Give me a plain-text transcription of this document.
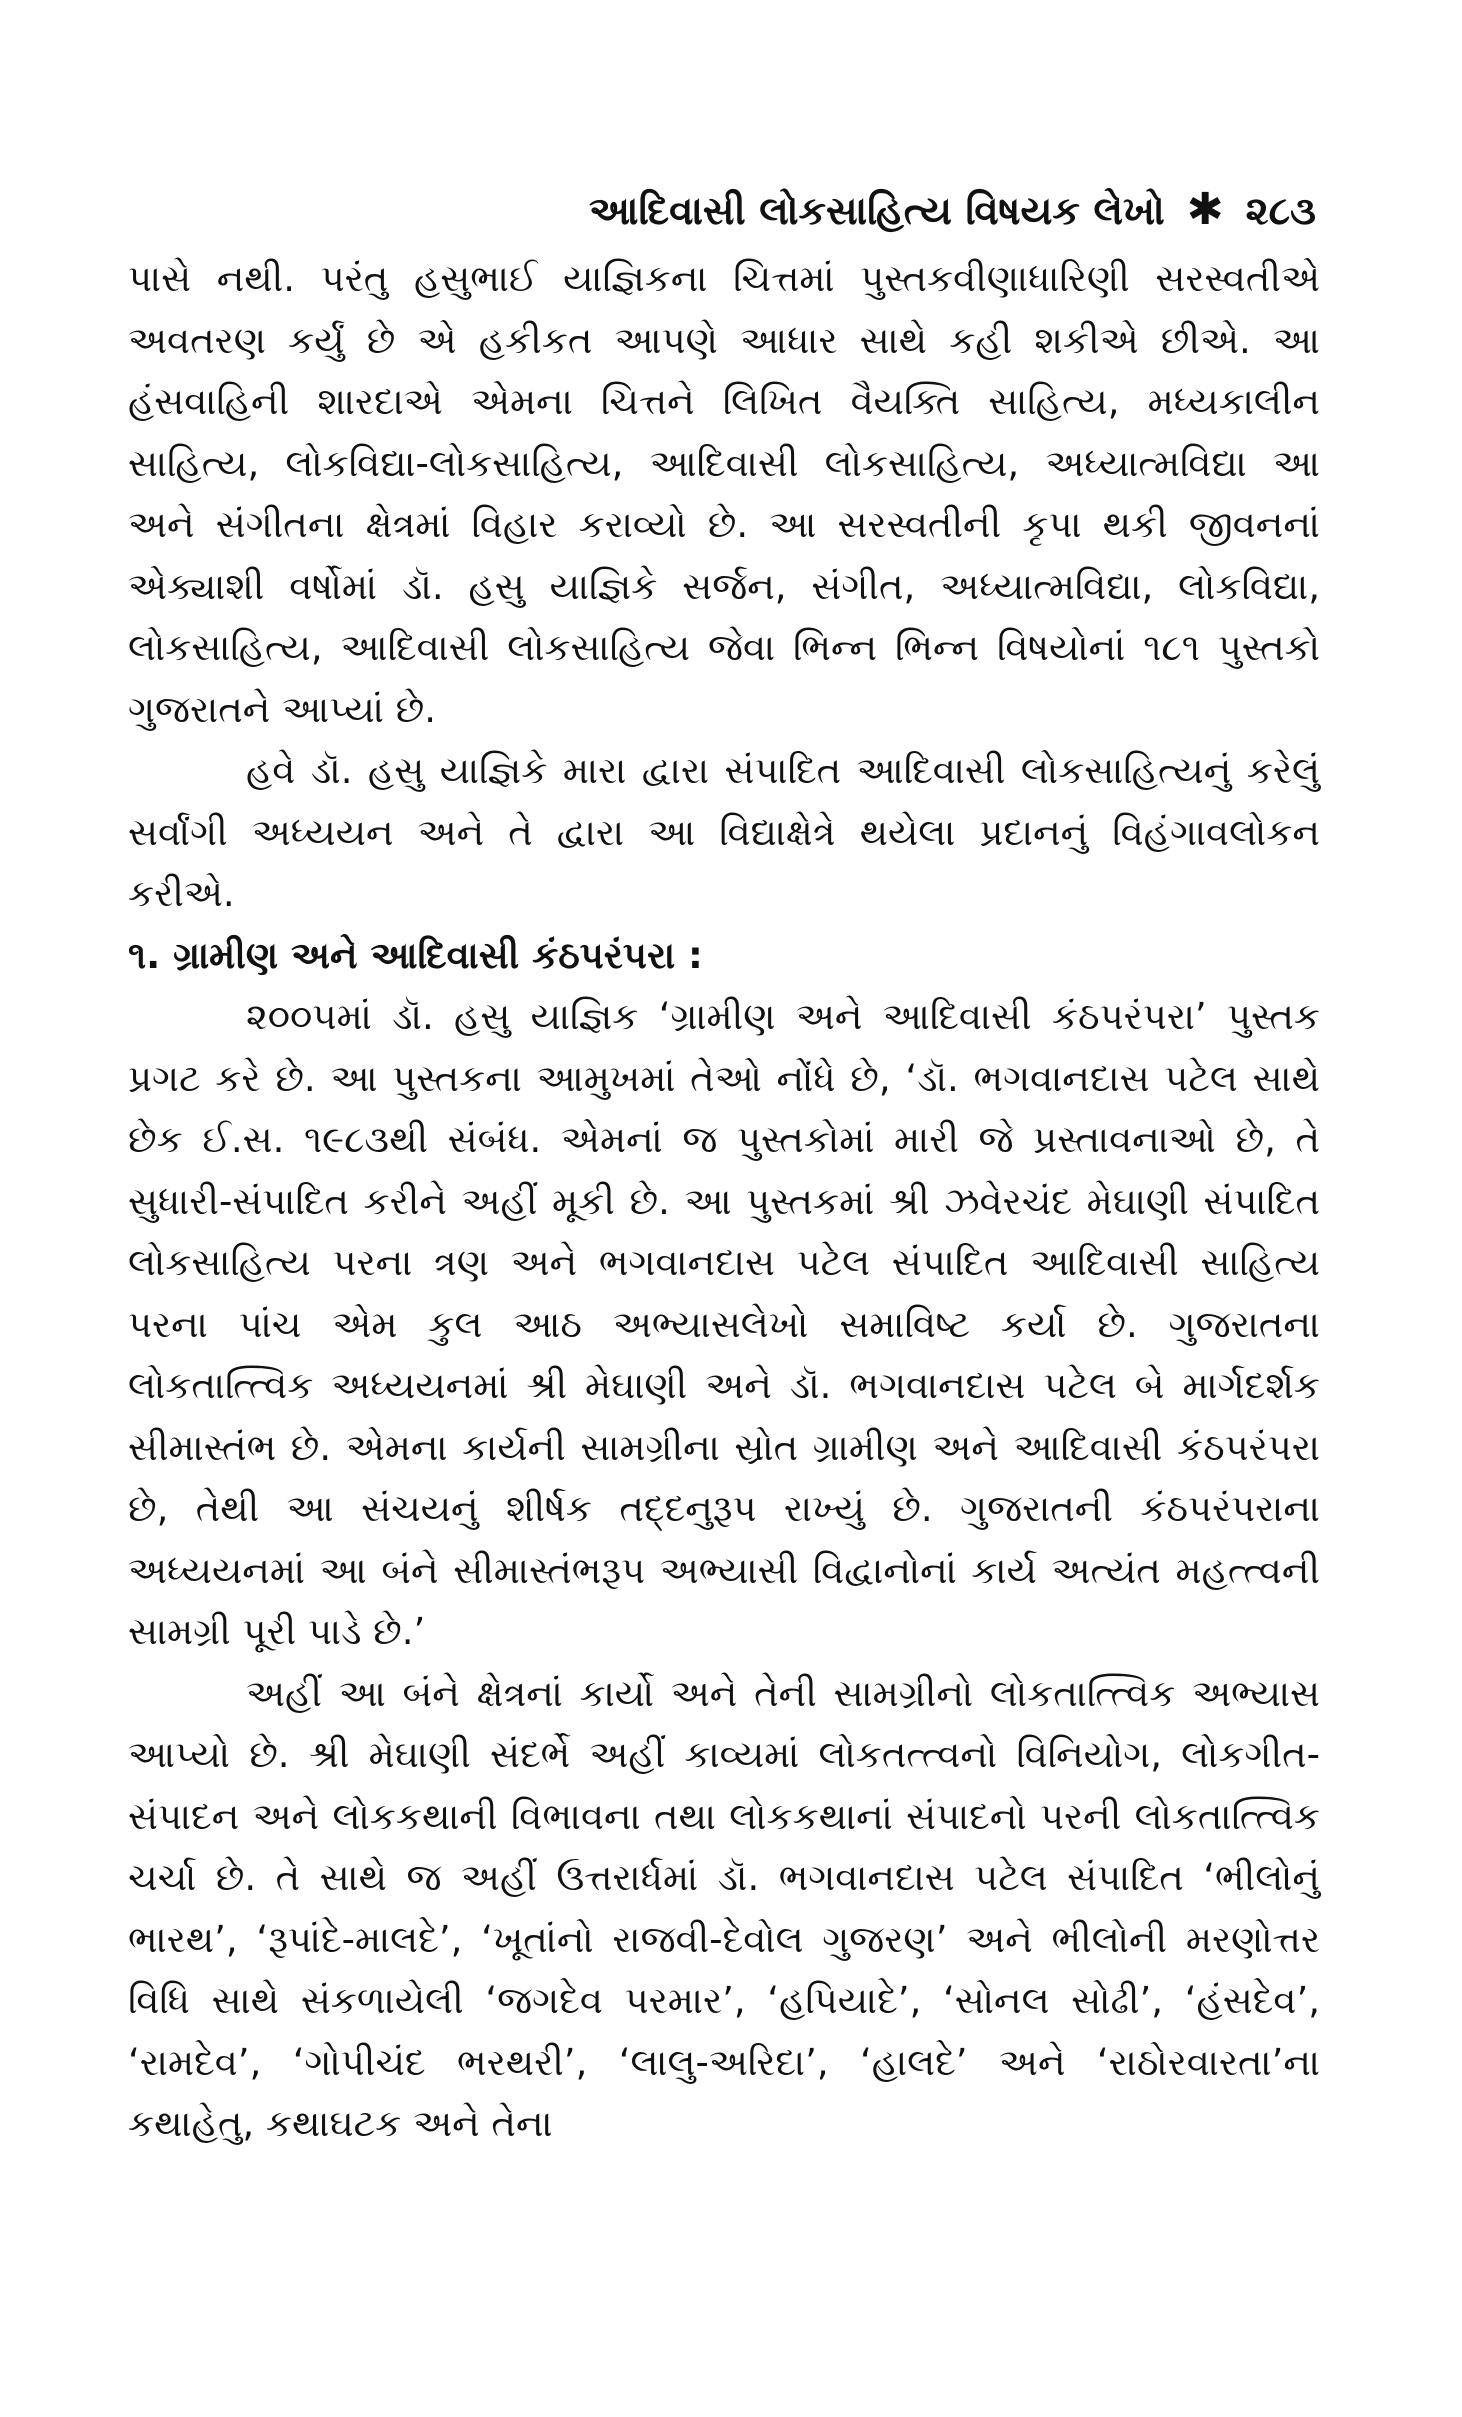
આદિવાસી લોકસાહિત્ય વિષયક લેખો ✱ ૨૮૩

પાસે નથી. પરંતુ હસુભાઈ યાજ્ઞિકના ચિત્તમાં પુસ્તકવીણાધારિણી સરસ્વતીએ અવતરણ કર્યું છે એ હકીકત આપણે આધાર સાથે કહી શકીએ છીએ. આ હંસવાહિની શારદાએ એમના ચિત્તને લિખિત વૈયક્તિ સાહિત્ય, મધ્યકાલીન સાહિત્ય, લોકવિદ્યા-લોકસાહિત્ય, આદિવાસી લોકસાહિત્ય, અધ્યાત્મવિદ્યા આ અને સંગીતના ક્ષેત્રમાં વિહાર કરાવ્યો છે. આ સરસ્વતીની કૃપા થકી જીવનનાં એક્યાશી વર્ષોમાં ડૉ. હસુ યાજ્ઞિકે સર્જન, સંગીત, અધ્યાત્મવિદ્યા, લોકવિદ્યા, લોકસાહિત્ય, આદિવાસી લોકસાહિત્ય જેવા ભિન્ન ભિન્ન વિષયોનાં ૧૮૧ પુસ્તકો ગુજરાતને આપ્યાં છે.

હવે ડૉ. હસુ યાજ્ઞિકે મારા દ્વારા સંપાદિત આદિવાસી લોકસાહિત્યનું કરેલું સર્વાંગી અધ્યયન અને તે દ્વારા આ વિદ્યાક્ષેત્રે થયેલા પ્રદાનનું વિહંગાવલોકન કરીએ.

૧. ગ્રામીણ અને આદિવાસી કંઠપરંપરા :

૨૦૦૫માં ડૉ. હસુ યાજ્ઞિક ‘ગ્રામીણ અને આદિવાસી કંઠપરંપરા’ પુસ્તક પ્રગટ કરે છે. આ પુસ્તકના આમુખમાં તેઓ નોંધે છે, ‘ડૉ. ભગવાનદાસ પટેલ સાથે છેક ઈ.સ. ૧૯૮૩થી સંબંધ. એમનાં જ પુસ્તકોમાં મારી જે પ્રસ્તાવનાઓ છે, તે સુધારી-સંપાદિત કરીને અહીં મૂકી છે. આ પુસ્તકમાં શ્રી ઝવેરચંદ મેઘાણી સંપાદિત લોકસાહિત્ય પરના ત્રણ અને ભગવાનદાસ પટેલ સંપાદિત આદિવાસી સાહિત્ય પરના પાંચ એમ કુલ આઠ અભ્યાસલેખો સમાવિષ્ટ કર્યા છે. ગુજરાતના લોકતાત્ત્વિક અધ્યયનમાં શ્રી મેઘાણી અને ડૉ. ભગવાનદાસ પટેલ બે માર્ગદર્શક સીમાસ્તંભ છે. એમના કાર્યની સામગ્રીના સ્રોત ગ્રામીણ અને આદિવાસી કંઠપરંપરા છે, તેથી આ સંચયનું શીર્ષક તદ્દનુરૂપ રાખ્યું છે. ગુજરાતની કંઠપરંપરાના અધ્યયનમાં આ બંને સીમાસ્તંભરૂપ અભ્યાસી વિદ્વાનોનાં કાર્ય અત્યંત મહત્ત્વની સામગ્રી પૂરી પાડે છે.’

અહીં આ બંને ક્ષેત્રનાં કાર્યો અને તેની સામગ્રીનો લોકતાત્ત્વિક અભ્યાસ આપ્યો છે. શ્રી મેઘાણી સંદર્ભે અહીં કાવ્યમાં લોકતત્ત્વનો વિનિયોગ, લોકગીત-સંપાદન અને લોકકથાની વિભાવના તથા લોકકથાનાં સંપાદનો પરની લોકતાત્ત્વિક ચર્ચા છે. તે સાથે જ અહીં ઉત્તરાર્ધમાં ડૉ. ભગવાનદાસ પટેલ સંપાદિત ‘ભીલોનું ભારથ’, ‘રૂપાંદે-માલદે’, ‘ખૂતાંનો રાજવી-દેવોલ ગુજરણ’ અને ભીલોની મરણોત્તર વિધિ સાથે સંકળાયેલી ‘જગદેવ પરમાર’, ‘હપિયાદે’, ‘સોનલ સોઢી’, ‘હંસદેવ’, ‘રામદેવ’, ‘ગોપીચંદ ભરથરી’, ‘લાલુ-અરિદા’, ‘હાલદે’ અને ‘રાઠોરવારતા’ના કથાહેતુ, કથાઘટક અને તેના
